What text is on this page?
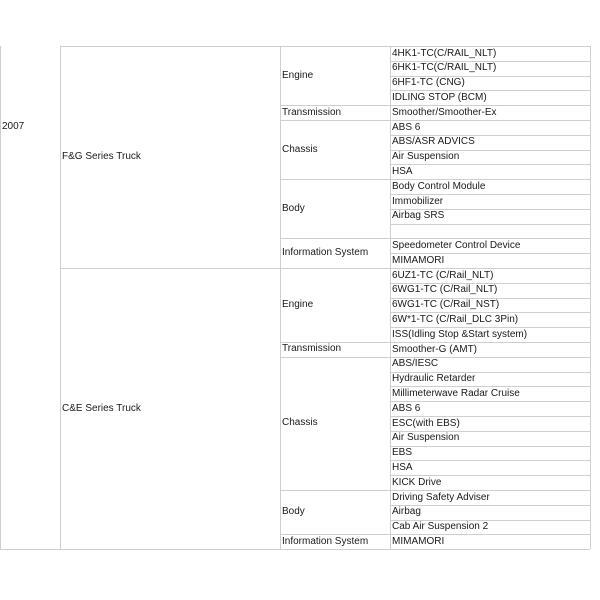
2007
F&G Series Truck
Engine
4HK1-TC(C/RAIL_NLT)
6HK1-TC(C/RAIL_NLT)
6HF1-TC (CNG)
IDLING STOP (BCM)
Transmission	Smoother/Smoother-Ex
Chassis
ABS 6
ABS/ASR ADVICS
Air Suspension
HSA
Body
Body Control Module
Immobilizer
Airbag SRS
Information System
Speedometer Control Device
MIMAMORI
C&E Series Truck
Engine
6UZ1-TC (C/Rail_NLT)
6WG1-TC (C/Rail_NLT)
6WG1-TC (C/Rail_NST)
6W*1-TC (C/Rail_DLC 3Pin)
ISS(Idling Stop &Start system)
Transmission	Smoother-G (AMT)
Chassis
ABS/IESC
Hydraulic Retarder
Millimeterwave Radar Cruise
ABS 6
ESC(with EBS)
Air Suspension
EBS
HSA
KICK Drive
Body
Driving Safety Adviser
Airbag
Cab Air Suspension 2
Information System MIMAMORI
